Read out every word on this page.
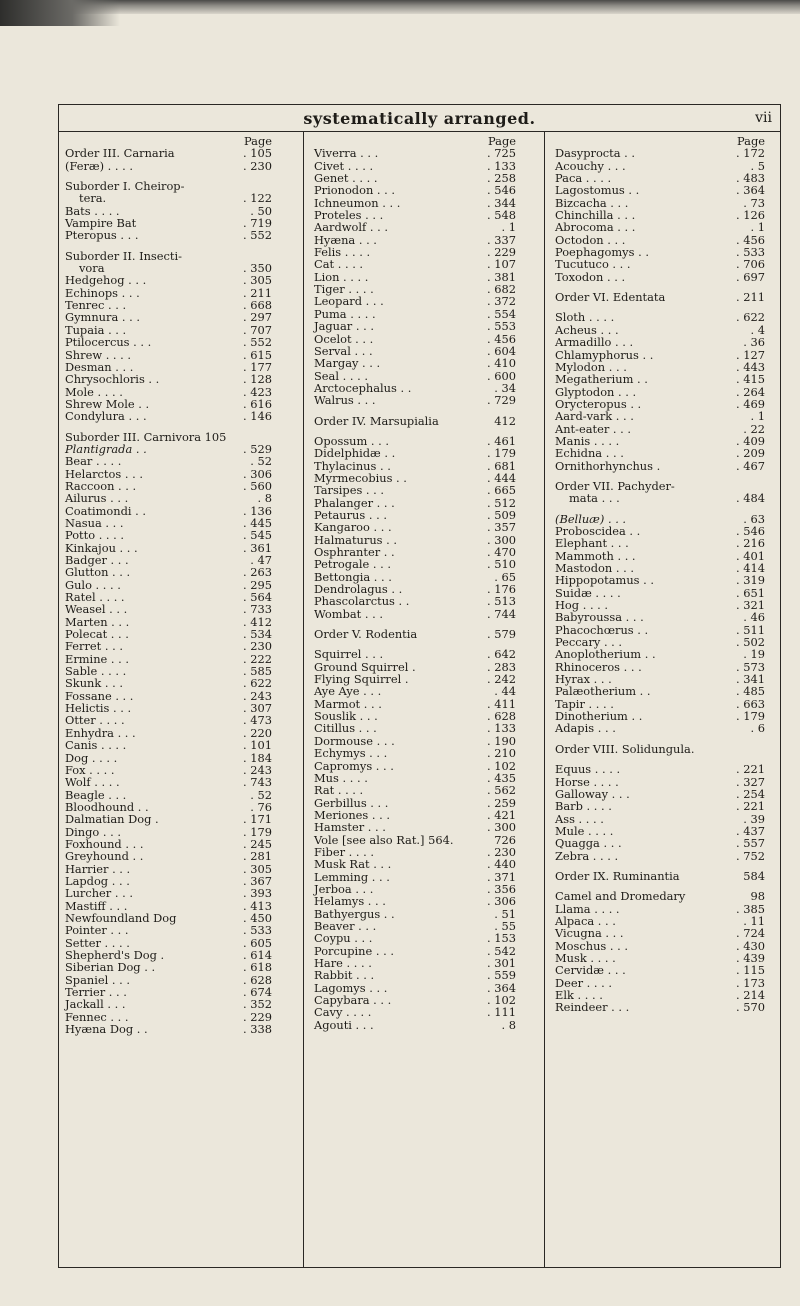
systematically arranged.	vii
Page
Order III. Carnaria	. 105
(Feræ) . . . .	. 230
Suborder I. Cheirop-
tera.	. 122
Bats . . . .	. 50
Vampire Bat	. 719
Pteropus . . .	. 552
Suborder II. Insecti-
vora	. 350
Hedgehog . . .	. 305
Echinops . . .	. 211
Tenrec . . .	. 668
Gymnura . . .	. 297
Tupaia . . .	. 707
Ptilocercus . . .	. 552
Shrew . . . .	. 615
Desman . . .	. 177
Chrysochloris . .	. 128
Mole . . . .	. 423
Shrew Mole . .	. 616
Condylura . . .	. 146
Suborder III. Carnivora 105
Plantigrada . .	. 529
Bear . . . .	. 52
Helarctos . . .	. 306
Raccoon . . .	. 560
Ailurus . . .	. 8
Coatimondi . .	. 136
Nasua . . .	. 445
Potto . . . .	. 545
Kinkajou . . .	. 361
Badger . . .	. 47
Glutton . . .	. 263
Gulo . . . .	. 295
Ratel . . . .	. 564
Weasel . . .	. 733
Marten . . .	. 412
Polecat . . .	. 534
Ferret . . .	. 230
Ermine . . .	. 222
Sable . . . .	. 585
Skunk . . .	. 622
Fossane . . .	. 243
Helictis . . .	. 307
Otter . . . .	. 473
Enhydra . . .	. 220
Canis . . . .	. 101
Dog . . . .	. 184
Fox . . . .	. 243
Wolf . . . .	. 743
Beagle . . .	. 52
Bloodhound . .	. 76
Dalmatian Dog .	. 171
Dingo . . .	. 179
Foxhound . . .	. 245
Greyhound . .	. 281
Harrier . . .	. 305
Lapdog . . .	. 367
Lurcher . . .	. 393
Mastiff . . .	. 413
Newfoundland Dog	. 450
Pointer . . .	. 533
Setter . . . .	. 605
Shepherd's Dog .	. 614
Siberian Dog . .	. 618
Spaniel . . .	. 628
Terrier . . .	. 674
Jackall . . .	. 352
Fennec . . .	. 229
Hyæna Dog . .	. 338
Page
Viverra . . .	. 725
Civet . . . .	. 133
Genet . . . .	. 258
Prionodon . . .	. 546
Ichneumon . . .	. 344
Proteles . . .	. 548
Aardwolf . . .	. 1
Hyæna . . .	. 337
Felis . . . .	. 229
Cat . . . .	. 107
Lion . . . .	. 381
Tiger . . . .	. 682
Leopard . . .	. 372
Puma . . . .	. 554
Jaguar . . .	. 553
Ocelot . . .	. 456
Serval . . .	. 604
Margay . . .	. 410
Seal . . . .	. 600
Arctocephalus . .	. 34
Walrus . . .	. 729
Order IV. Marsupialia	412
Opossum . . .	. 461
Didelphidæ . .	. 179
Thylacinus . .	. 681
Myrmecobius . .	. 444
Tarsipes . . .	. 665
Phalanger . . .	. 512
Petaurus . . .	. 509
Kangaroo . . .	. 357
Halmaturus . .	. 300
Osphranter . .	. 470
Petrogale . . .	. 510
Bettongia . . .	. 65
Dendrolagus . .	. 176
Phascolarctus . .	. 513
Wombat . . .	. 744
Order V. Rodentia	. 579
Squirrel . . .	. 642
Ground Squirrel .	. 283
Flying Squirrel .	. 242
Aye Aye . . .	. 44
Marmot . . .	. 411
Souslik . . .	. 628
Citillus . . .	. 133
Dormouse . . .	. 190
Echymys . . .	. 210
Capromys . . .	. 102
Mus . . . .	. 435
Rat . . . .	. 562
Gerbillus . . .	. 259
Meriones . . .	. 421
Hamster . . .	. 300
Vole [see also Rat.] 564.	726
Fiber . . . .	. 230
Musk Rat . . .	. 440
Lemming . . .	. 371
Jerboa . . .	. 356
Helamys . . .	. 306
Bathyergus . .	. 51
Beaver . . .	. 55
Coypu . . .	. 153
Porcupine . . .	. 542
Hare . . . .	. 301
Rabbit . . .	. 559
Lagomys . . .	. 364
Capybara . . .	. 102
Cavy . . . .	. 111
Agouti . . .	. 8
Page
Dasyprocta . .	. 172
Acouchy . . .	. 5
Paca . . . .	. 483
Lagostomus . .	. 364
Bizcacha . . .	. 73
Chinchilla . . .	. 126
Abrocoma . . .	. 1
Octodon . . .	. 456
Poephagomys . .	. 533
Tucutuco . . .	. 706
Toxodon . . .	. 697
Order VI. Edentata	. 211
Sloth . . . .	. 622
Acheus . . .	. 4
Armadillo . . .	. 36
Chlamyphorus . .	. 127
Mylodon . . .	. 443
Megatherium . .	. 415
Glyptodon . . .	. 264
Orycteropus . .	. 469
Aard-vark . . .	. 1
Ant-eater . . .	. 22
Manis . . . .	. 409
Echidna . . .	. 209
Ornithorhynchus .	. 467
Order VII. Pachyder-
mata . . .	. 484
(Belluæ) . . .	. 63
Proboscidea . .	. 546
Elephant . . .	. 216
Mammoth . . .	. 401
Mastodon . . .	. 414
Hippopotamus . .	. 319
Suidæ . . . .	. 651
Hog . . . .	. 321
Babyroussa . . .	. 46
Phacochœrus . .	. 511
Peccary . . .	. 502
Anoplotherium . .	. 19
Rhinoceros . . .	. 573
Hyrax . . .	. 341
Palæotherium . .	. 485
Tapir . . . .	. 663
Dinotherium . .	. 179
Adapis . . .	. 6
Order VIII. Solidungula.
Equus . . . .	. 221
Horse . . . .	. 327
Galloway . . .	. 254
Barb . . . .	. 221
Ass . . . .	. 39
Mule . . . .	. 437
Quagga . . .	. 557
Zebra . . . .	. 752
Order IX. Ruminantia	584
Camel and Dromedary	98
Llama . . . .	. 385
Alpaca . . .	. 11
Vicugna . . .	. 724
Moschus . . .	. 430
Musk . . . .	. 439
Cervidæ . . .	. 115
Deer . . . .	. 173
Elk . . . .	. 214
Reindeer . . .	. 570
